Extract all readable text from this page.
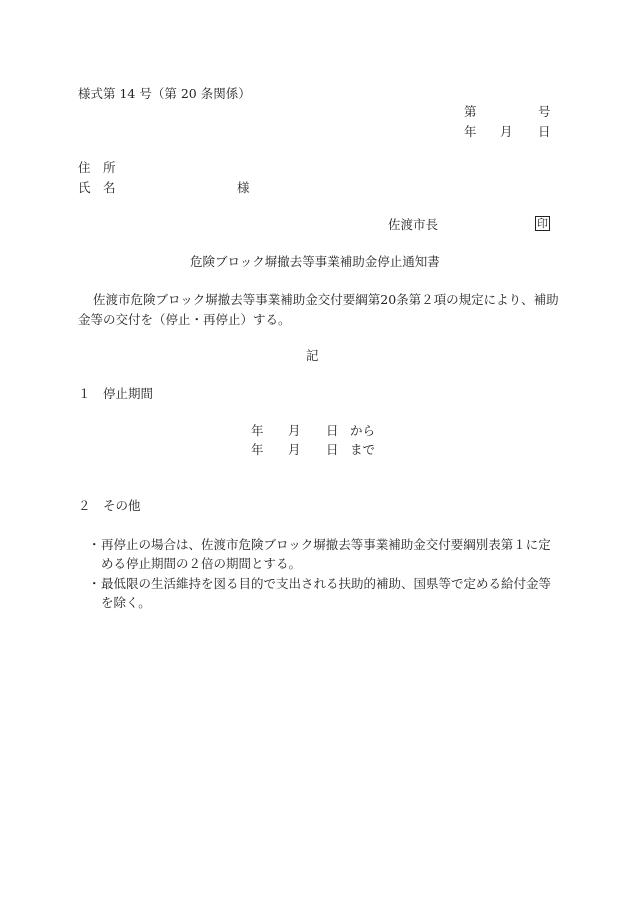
様式第 14 号（第 20 条関係）
第	号
年 月 日
住　所
氏　名	様
佐渡市長	印
危険ブロック塀撤去等事業補助金停止通知書
佐渡市危険ブロック塀撤去等事業補助金交付要綱第20条第２項の規定により、補助
金等の交付を（停止・再停止）する。
記
１　停止期間
年 月 日 から
年 月 日 まで
２　その他
・ 再停止の場合は、佐渡市危険ブロック塀撤去等事業補助金交付要綱別表第１に定
める停止期間の２倍の期間とする。
・ 最低限の生活維持を図る目的で支出される扶助的補助、国県等で定める給付金等
を除く。
